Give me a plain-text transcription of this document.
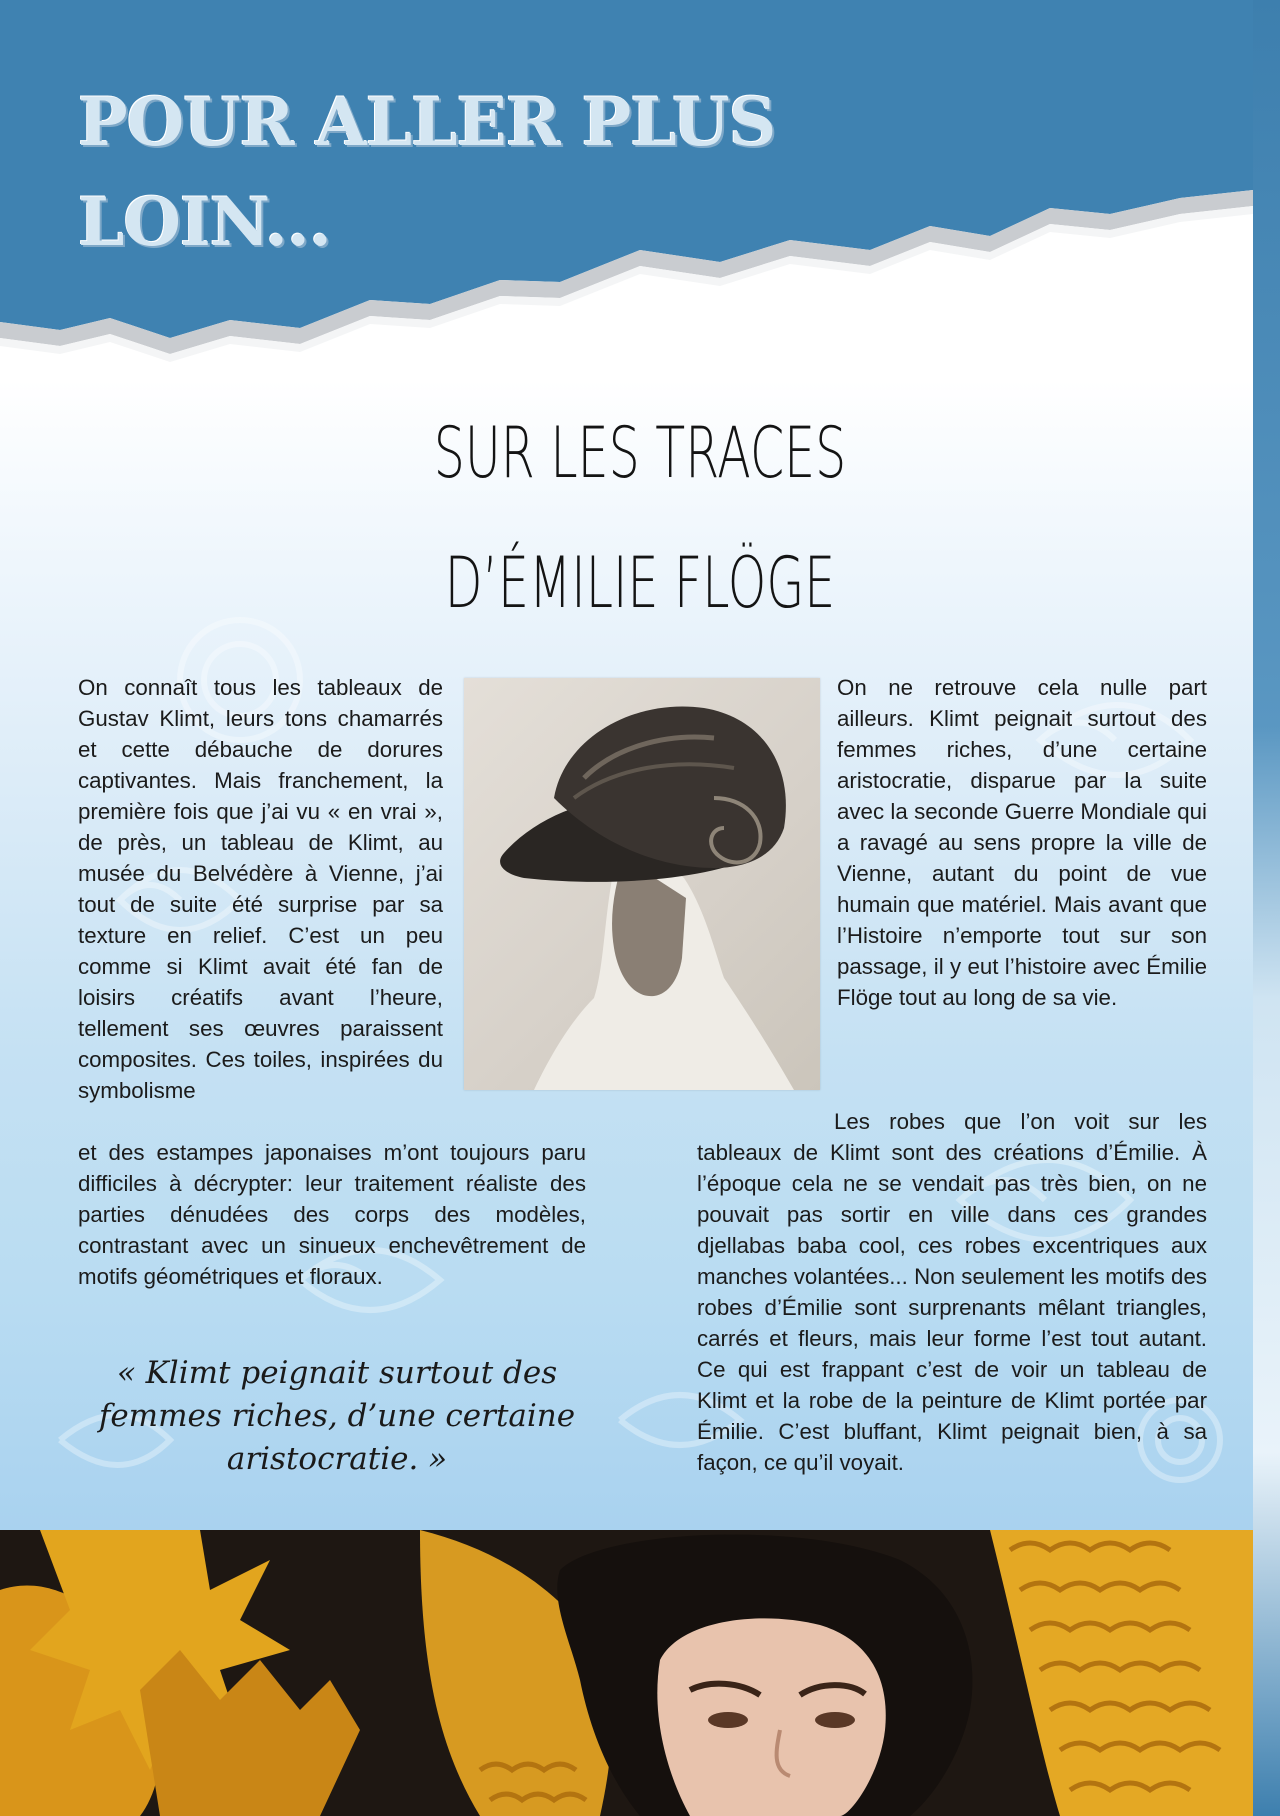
POUR ALLER PLUS LOIN...
SUR LES TRACES D’ÉMILIE FLÖGE

On connaît tous les tableaux de Gustav Klimt, leurs tons chamarrés et cette débauche de dorures captivantes. Mais franchement, la première fois que j’ai vu « en vrai », de près, un tableau de Klimt, au musée du Belvédère à Vienne, j’ai tout de suite été surprise par sa texture en relief. C’est un peu comme si Klimt avait été fan de loisirs créatifs avant l’heure, tellement ses œuvres paraissent composites. Ces toiles, inspirées du symbolisme

et des estampes japonaises m’ont toujours paru difficiles à décrypter: leur traitement réaliste des parties dénudées des corps des modèles, contrastant avec un sinueux enchevêtrement de motifs géométriques et floraux.

« Klimt peignait surtout des femmes riches, d’une certaine aristocratie. »

On ne retrouve cela nulle part ailleurs. Klimt peignait surtout des femmes riches, d’une certaine aristocratie, disparue par la suite avec la seconde Guerre Mondiale qui a ravagé au sens propre la ville de Vienne, autant du point de vue humain que matériel. Mais avant que l’Histoire n’emporte tout sur son passage, il y eut l’histoire avec Émilie Flöge tout au long de sa vie.

Les robes que l’on voit sur les tableaux de Klimt sont des créations d’Émilie. À l’époque cela ne se vendait pas très bien, on ne pouvait pas sortir en ville dans ces grandes djellabas baba cool, ces robes excentriques aux manches volantées... Non seulement les motifs des robes d’Émilie sont surprenants mêlant triangles, carrés et fleurs, mais leur forme l’est tout autant. Ce qui est frappant c’est de voir un tableau de Klimt et la robe de la peinture de Klimt portée par Émilie. C’est bluffant, Klimt peignait bien, à sa façon, ce qu’il voyait.
